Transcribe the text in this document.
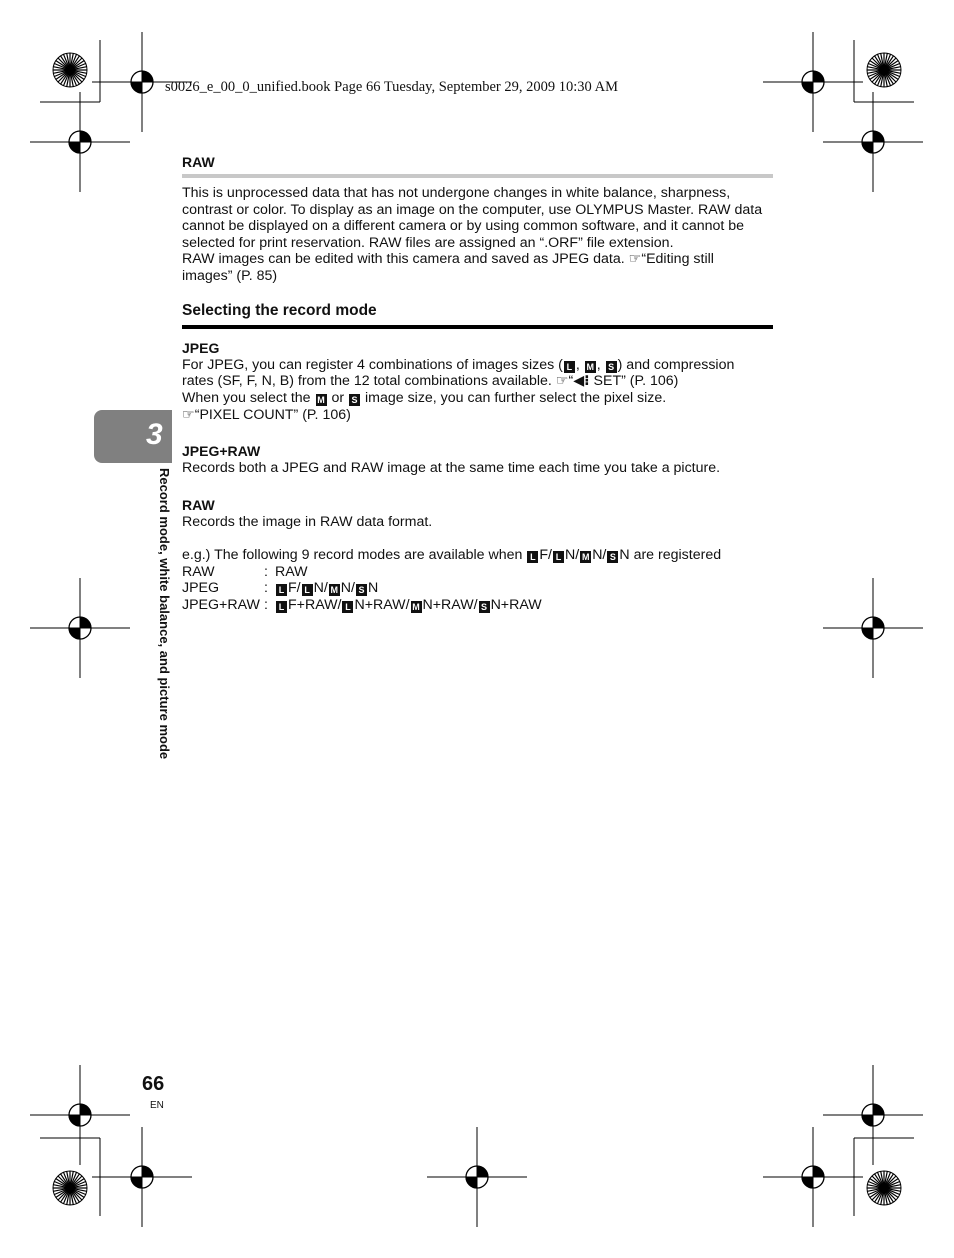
s0026_e_00_0_unified.book Page 66 Tuesday, September 29, 2009 10:30 AM
RAW
This is unprocessed data that has not undergone changes in white balance, sharpness,
contrast or color. To display as an image on the computer, use OLYMPUS Master. RAW data
cannot be displayed on a different camera or by using common software, and it cannot be
selected for print reservation. RAW files are assigned an “.ORF” file extension.
RAW images can be edited with this camera and saved as JPEG data. ☞“Editing still
images” (P. 85)
Selecting the record mode
JPEG
For JPEG, you can register 4 combinations of images sizes ( L , M , S ) and compression
rates (SF, F, N, B) from the 12 total combinations available. ☞“◀⁝ SET” (P. 106)
When you select the M or S image size, you can further select the pixel size.
☞“PIXEL COUNT” (P. 106)
JPEG+RAW
Records both a JPEG and RAW image at the same time each time you take a picture.
RAW
Records the image in RAW data format.
e.g.) The following 9 record modes are available when L F/ L N/ M N/ S N are registered
RAW	: RAW
JPEG	:	L F/ L N/ M N/ S N
JPEG+RAW :	L F+RAW/ L N+RAW/ M N+RAW/ S N+RAW
3
Record mode, white balance, and picture mode
66
EN
